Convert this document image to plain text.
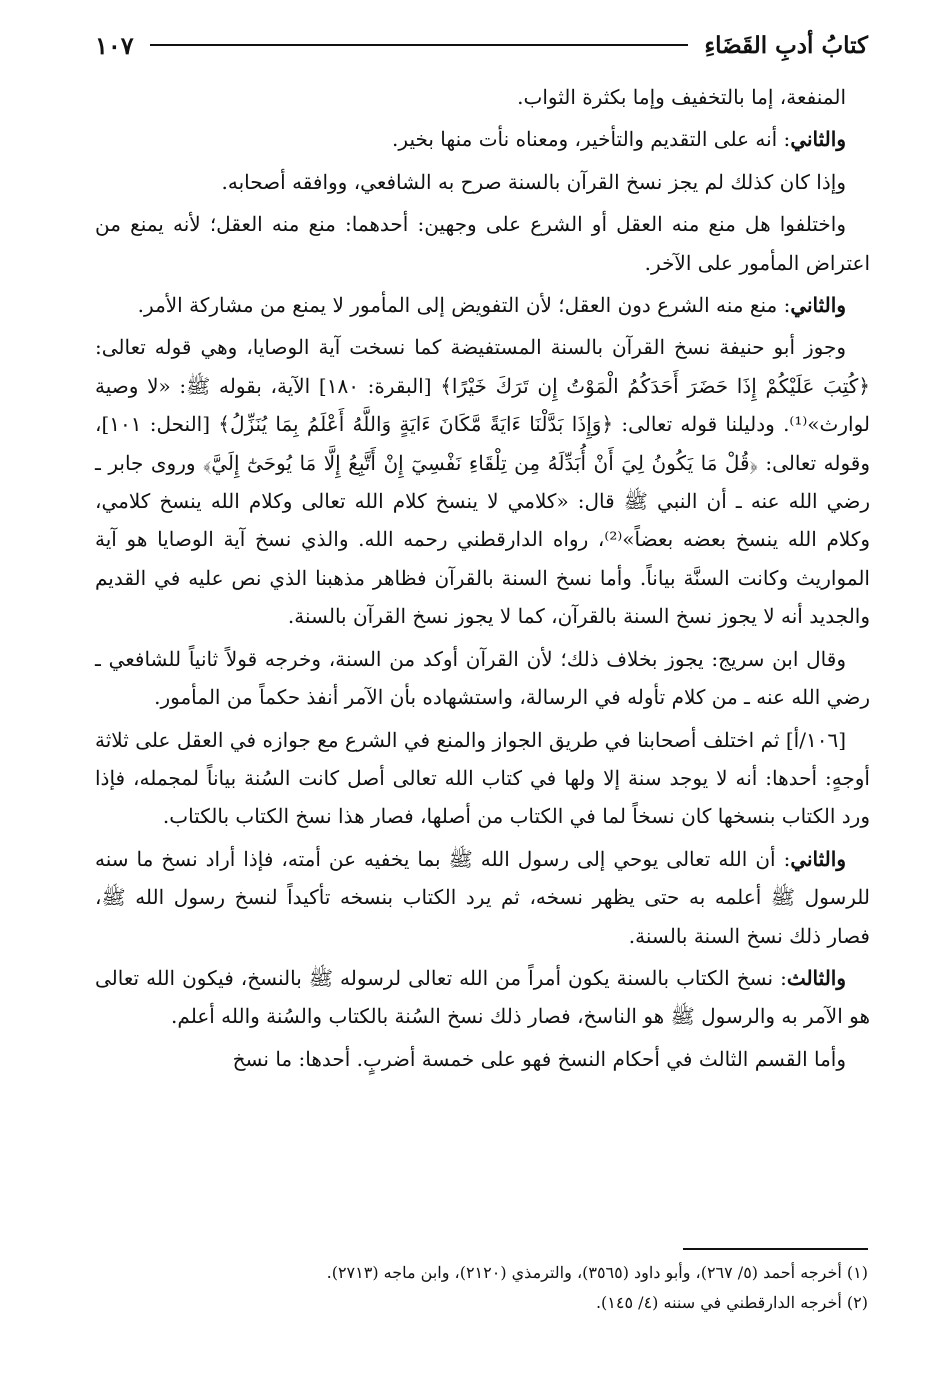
كتابُ أدبِ القَضَاءِ
١٠٧

المنفعة، إما بالتخفيف وإما بكثرة الثواب.

والثاني: أنه على التقديم والتأخير، ومعناه نأت منها بخير.

وإذا كان كذلك لم يجز نسخ القرآن بالسنة صرح به الشافعي، ووافقه أصحابه.

واختلفوا هل منع منه العقل أو الشرع على وجهين: أحدهما: منع منه العقل؛ لأنه يمنع من اعتراض المأمور على الآخر.

والثاني: منع منه الشرع دون العقل؛ لأن التفويض إلى المأمور لا يمنع من مشاركة الأمر.

وجوز أبو حنيفة نسخ القرآن بالسنة المستفيضة كما نسخت آية الوصايا، وهي قوله تعالى: ﴿كُتِبَ عَلَيْكُمْ إِذَا حَضَرَ أَحَدَكُمُ الْمَوْتُ إِن تَرَكَ خَيْرًا﴾ [البقرة: ١٨٠] الآية، بقوله ﷺ: «لا وصية لوارث»⁽¹⁾. ودليلنا قوله تعالى: ﴿وَإِذَا بَدَّلْنَا ءَايَةً مَّكَانَ ءَايَةٍ وَاللَّهُ أَعْلَمُ بِمَا يُنَزِّلُ﴾ [النحل: ١٠١]، وقوله تعالى: ﴿قُلْ مَا يَكُونُ لِيَ أَنْ أُبَدِّلَهُ مِن تِلْقَاءِ نَفْسِيٓ إِنْ أَتَّبِعُ إِلَّا مَا يُوحَىٰٓ إِلَيَّ﴾ وروى جابر ـ رضي الله عنه ـ أن النبي ﷺ قال: «كلامي لا ينسخ كلام الله تعالى وكلام الله ينسخ كلامي، وكلام الله ينسخ بعضه بعضاً»⁽²⁾، رواه الدارقطني رحمه الله. والذي نسخ آية الوصايا هو آية المواريث وكانت السنَّة بياناً. وأما نسخ السنة بالقرآن فظاهر مذهبنا الذي نص عليه في القديم والجديد أنه لا يجوز نسخ السنة بالقرآن، كما لا يجوز نسخ القرآن بالسنة.

وقال ابن سريج: يجوز بخلاف ذلك؛ لأن القرآن أوكد من السنة، وخرجه قولاً ثانياً للشافعي ـ رضي الله عنه ـ من كلام تأوله في الرسالة، واستشهاده بأن الآمر أنفذ حكماً من المأمور.

[١٠٦/أ] ثم اختلف أصحابنا في طريق الجواز والمنع في الشرع مع جوازه في العقل على ثلاثة أوجهٍ: أحدها: أنه لا يوجد سنة إلا ولها في كتاب الله تعالى أصل كانت السُنة بياناً لمجمله، فإذا ورد الكتاب بنسخها كان نسخاً لما في الكتاب من أصلها، فصار هذا نسخ الكتاب بالكتاب.

والثاني: أن الله تعالى يوحي إلى رسول الله ﷺ بما يخفيه عن أمته، فإذا أراد نسخ ما سنه للرسول ﷺ أعلمه به حتى يظهر نسخه، ثم يرد الكتاب بنسخه تأكيداً لنسخ رسول الله ﷺ، فصار ذلك نسخ السنة بالسنة.

والثالث: نسخ الكتاب بالسنة يكون أمراً من الله تعالى لرسوله ﷺ بالنسخ، فيكون الله تعالى هو الآمر به والرسول ﷺ هو الناسخ، فصار ذلك نسخ السُنة بالكتاب والسُنة والله أعلم.

وأما القسم الثالث في أحكام النسخ فهو على خمسة أضربٍ. أحدها: ما نسخ

(١) أخرجه أحمد (٥/ ٢٦٧)، وأبو داود (٣٥٦٥)، والترمذي (٢١٢٠)، وابن ماجه (٢٧١٣).

(٢) أخرجه الدارقطني في سننه (٤/ ١٤٥).
